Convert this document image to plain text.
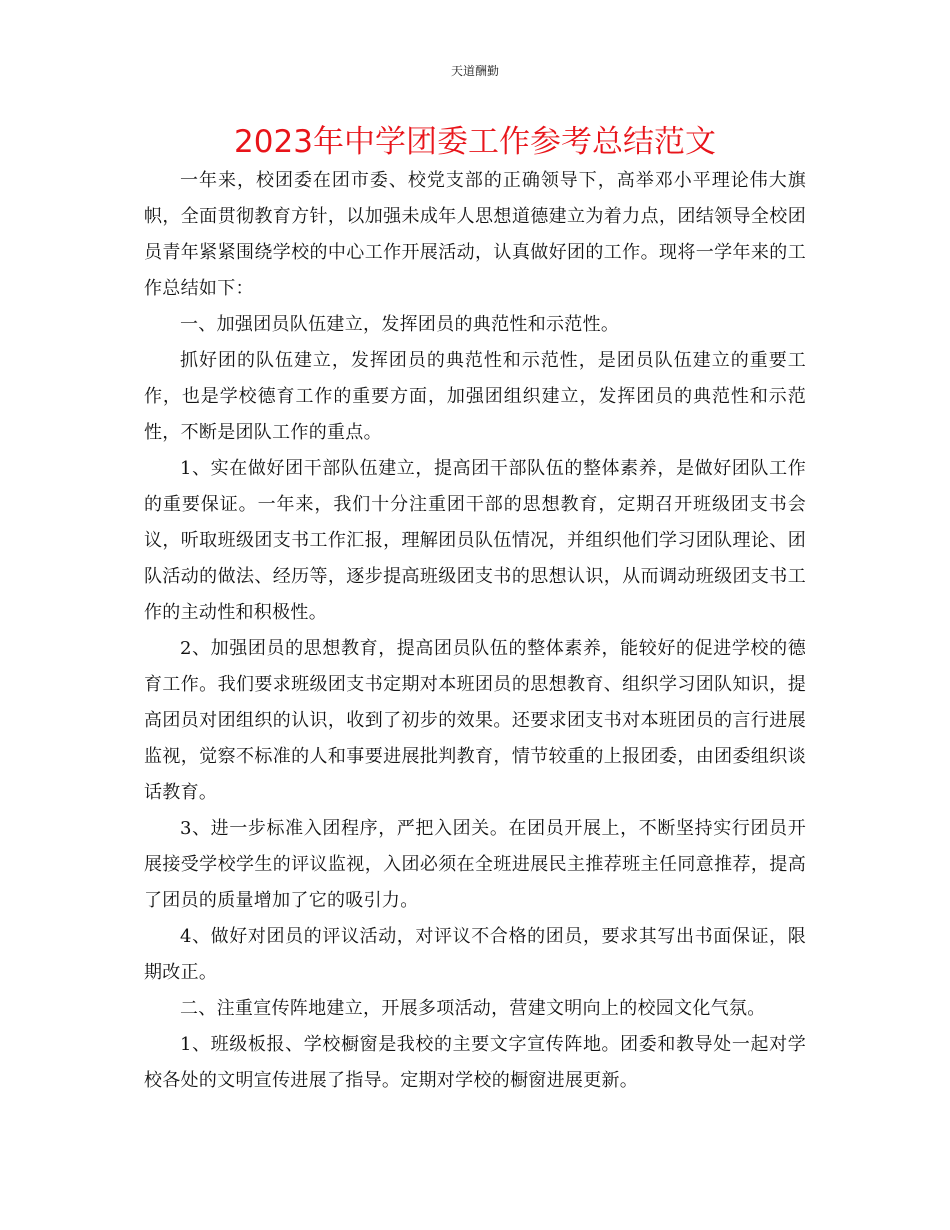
天道酬勤
2023年中学团委工作参考总结范文

一年来，校团委在团市委、校党支部的正确领导下，高举邓小平理论伟大旗帜，全面贯彻教育方针，以加强未成年人思想道德建立为着力点，团结领导全校团员青年紧紧围绕学校的中心工作开展活动，认真做好团的工作。现将一学年来的工作总结如下：

一、加强团员队伍建立，发挥团员的典范性和示范性。

抓好团的队伍建立，发挥团员的典范性和示范性，是团员队伍建立的重要工作，也是学校德育工作的重要方面，加强团组织建立，发挥团员的典范性和示范性，不断是团队工作的重点。

1、实在做好团干部队伍建立，提高团干部队伍的整体素养，是做好团队工作的重要保证。一年来，我们十分注重团干部的思想教育，定期召开班级团支书会议，听取班级团支书工作汇报，理解团员队伍情况，并组织他们学习团队理论、团队活动的做法、经历等，逐步提高班级团支书的思想认识，从而调动班级团支书工作的主动性和积极性。

2、加强团员的思想教育，提高团员队伍的整体素养，能较好的促进学校的德育工作。我们要求班级团支书定期对本班团员的思想教育、组织学习团队知识，提高团员对团组织的认识，收到了初步的效果。还要求团支书对本班团员的言行进展监视，觉察不标准的人和事要进展批判教育，情节较重的上报团委，由团委组织谈话教育。

3、进一步标准入团程序，严把入团关。在团员开展上，不断坚持实行团员开展接受学校学生的评议监视，入团必须在全班进展民主推荐班主任同意推荐，提高了团员的质量增加了它的吸引力。

4、做好对团员的评议活动，对评议不合格的团员，要求其写出书面保证，限期改正。

二、注重宣传阵地建立，开展多项活动，营建文明向上的校园文化气氛。

1、班级板报、学校橱窗是我校的主要文字宣传阵地。团委和教导处一起对学校各处的文明宣传进展了指导。定期对学校的橱窗进展更新。
